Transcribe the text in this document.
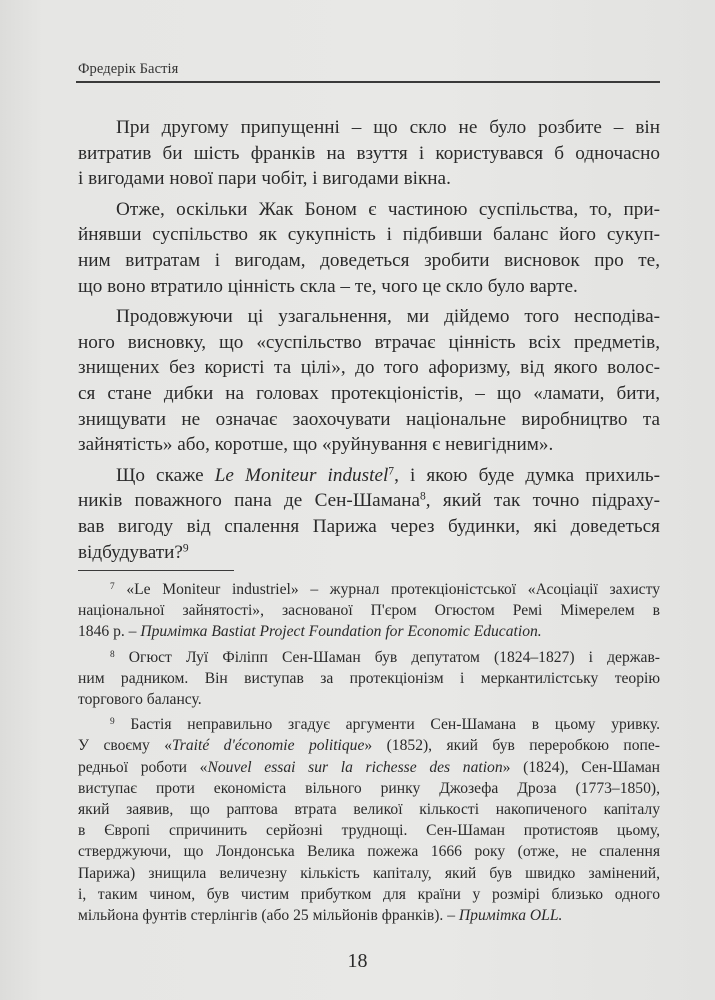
Фредерік Бастія
При другому припущенні – що скло не було розбите – він
витратив би шість франків на взуття і користувався б одночасно
і вигодами нової пари чобіт, і вигодами вікна.
Отже, оскільки Жак Боном є частиною суспільства, то, при-
йнявши суспільство як сукупність і підбивши баланс його сукуп-
ним витратам і вигодам, доведеться зробити висновок про те,
що воно втратило цінність скла – те, чого це скло було варте.
Продовжуючи ці узагальнення, ми дійдемо того несподіва-
ного висновку, що «суспільство втрачає цінність всіх предметів,
знищених без користі та цілі», до того афоризму, від якого волос-
ся стане дибки на головах протекціоністів, – що «ламати, бити,
знищувати не означає заохочувати національне виробництво та
зайнятість» або, коротше, що «руйнування є невигідним».
Що скаже Le Moniteur industel$^7$, і якою буде думка прихиль-
ників поважного пана де Сен-Шамана$^8$, який так точно підраху-
вав вигоду від спалення Парижа через будинки, які доведеться
відбудувати?$^9$
$^7$ «Le Moniteur industriel» – журнал протекціоністської «Асоціації захисту
національної зайнятості», заснованої П'єром Огюстом Ремі Мімерелем в
1846 р. – Примітка Bastiat Project Foundation for Economic Education.
$^8$ Огюст Луї Філіпп Сен-Шаман був депутатом (1824–1827) і держав-
ним радником. Він виступав за протекціонізм і меркантилістську теорію
торгового балансу.
$^9$ Бастія неправильно згадує аргументи Сен-Шамана в цьому уривку.
У своєму «Traité d'économie politique» (1852), який був переробкою попе-
редньої роботи «Nouvel essai sur la richesse des nation» (1824), Сен-Шаман
виступає проти економіста вільного ринку Джозефа Дроза (1773–1850),
який заявив, що раптова втрата великої кількості накопиченого капіталу
в Європі спричинить серйозні труднощі. Сен-Шаман протистояв цьому,
стверджуючи, що Лондонська Велика пожежа 1666 року (отже, не спалення
Парижа) знищила величезну кількість капіталу, який був швидко замінений,
і, таким чином, був чистим прибутком для країни у розмірі близько одного
мільйона фунтів стерлінгів (або 25 мільйонів франків). – Примітка OLL.
18
